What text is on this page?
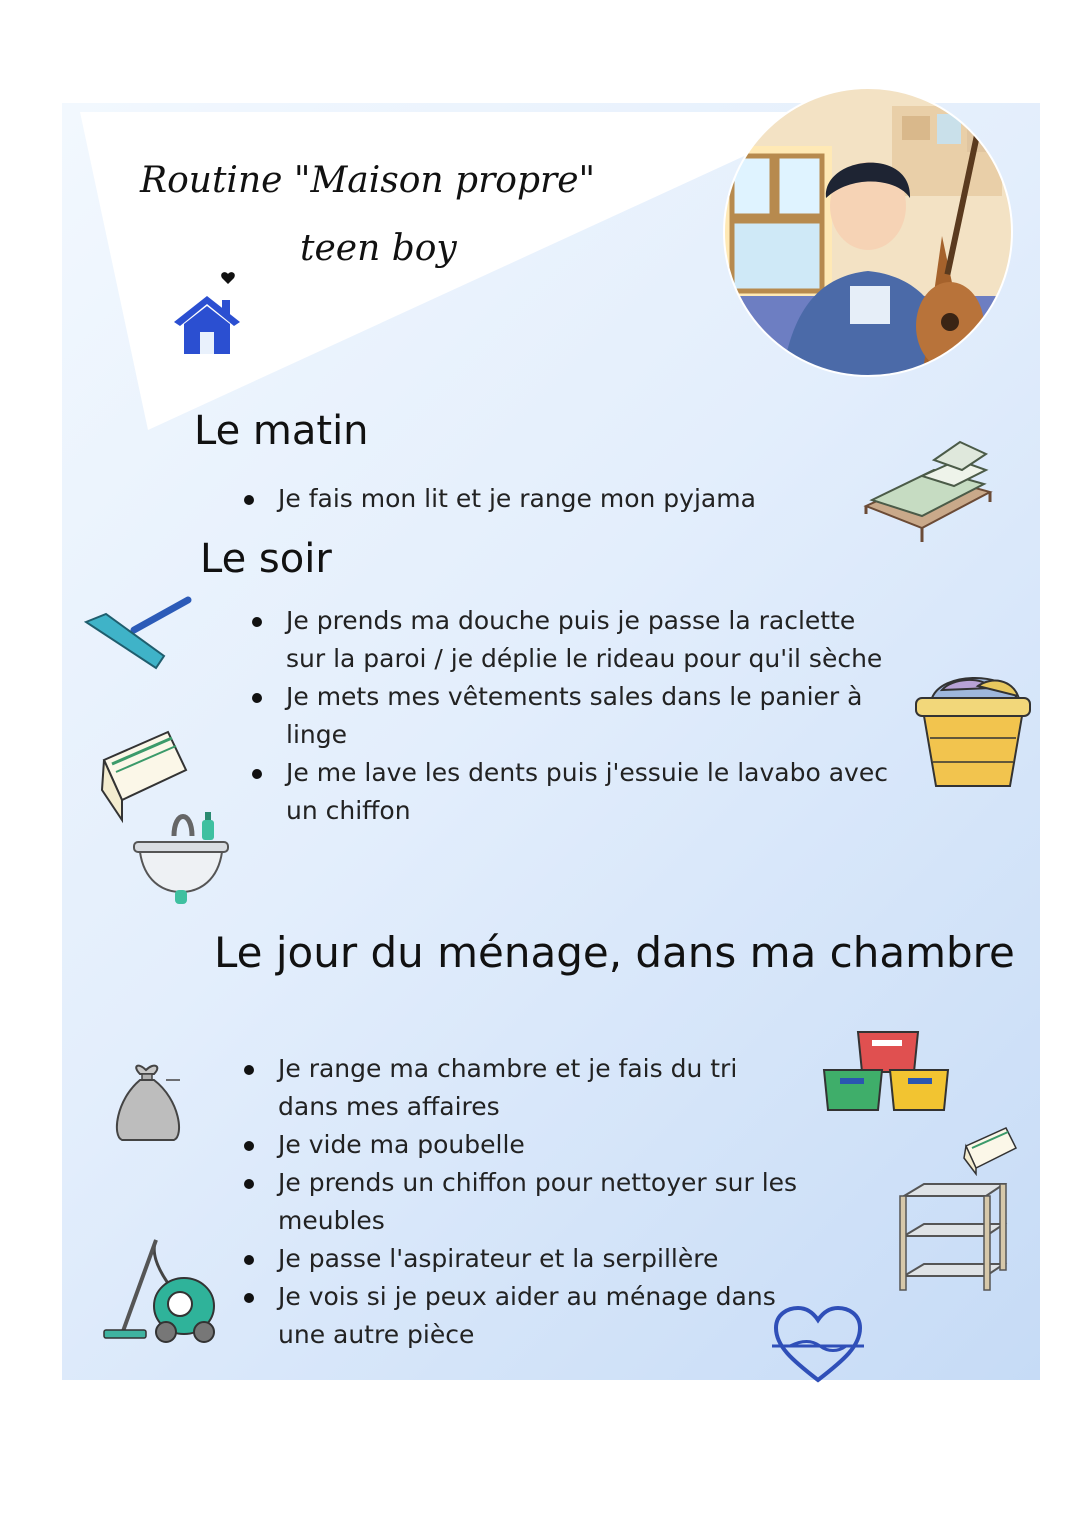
Routine "Maison propre"
teen boy
Le matin
Je fais mon lit et je range mon pyjama
Le soir
Je prends ma douche puis je passe la raclette sur la paroi / je déplie le rideau pour qu'il sèche
Je mets mes vêtements sales dans le panier à linge
Je me lave les dents puis j'essuie le lavabo avec un chiffon
Le jour du ménage, dans ma chambre
Je range ma chambre et je fais du tri dans mes affaires
Je vide ma poubelle
Je prends un chiffon pour nettoyer sur les meubles
Je passe l'aspirateur et la serpillère
Je vois si je peux aider au ménage dans une autre pièce
